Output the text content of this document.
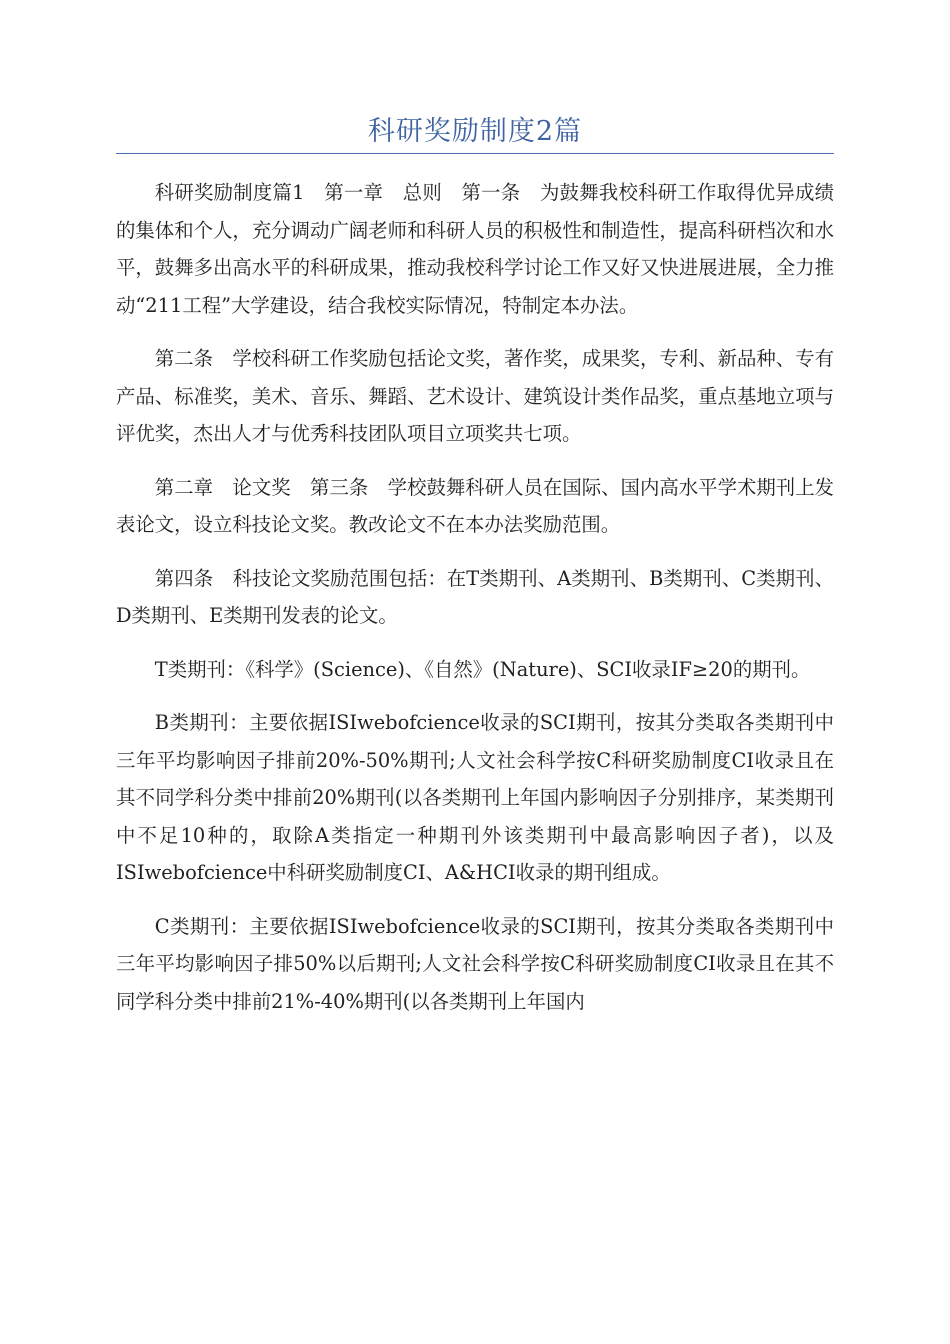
科研奖励制度2篇

科研奖励制度篇1　第一章　总则　第一条　为鼓舞我校科研工作取得优异成绩的集体和个人，充分调动广阔老师和科研人员的积极性和制造性，提高科研档次和水平，鼓舞多出高水平的科研成果，推动我校科学讨论工作又好又快进展进展，全力推动“211工程”大学建设，结合我校实际情况，特制定本办法。

第二条　学校科研工作奖励包括论文奖，著作奖，成果奖，专利、新品种、专有产品、标准奖，美术、音乐、舞蹈、艺术设计、建筑设计类作品奖，重点基地立项与评优奖，杰出人才与优秀科技团队项目立项奖共七项。

第二章　论文奖　第三条　学校鼓舞科研人员在国际、国内高水平学术期刊上发表论文，设立科技论文奖。教改论文不在本办法奖励范围。

第四条　科技论文奖励范围包括：在T类期刊、A类期刊、B类期刊、C类期刊、D类期刊、E类期刊发表的论文。

T类期刊：《科学》(Science)、《自然》(Nature)、SCI收录IF≥20的期刊。

B类期刊：主要依据ISIwebofcience收录的SCI期刊，按其分类取各类期刊中三年平均影响因子排前20%-50%期刊;人文社会科学按C科研奖励制度CI收录且在其不同学科分类中排前20%期刊(以各类期刊上年国内影响因子分别排序，某类期刊中不足10种的，取除A类指定一种期刊外该类期刊中最高影响因子者)，以及ISIwebofcience中科研奖励制度CI、A&HCI收录的期刊组成。

C类期刊：主要依据ISIwebofcience收录的SCI期刊，按其分类取各类期刊中三年平均影响因子排50%以后期刊;人文社会科学按C科研奖励制度CI收录且在其不同学科分类中排前21%-40%期刊(以各类期刊上年国内
